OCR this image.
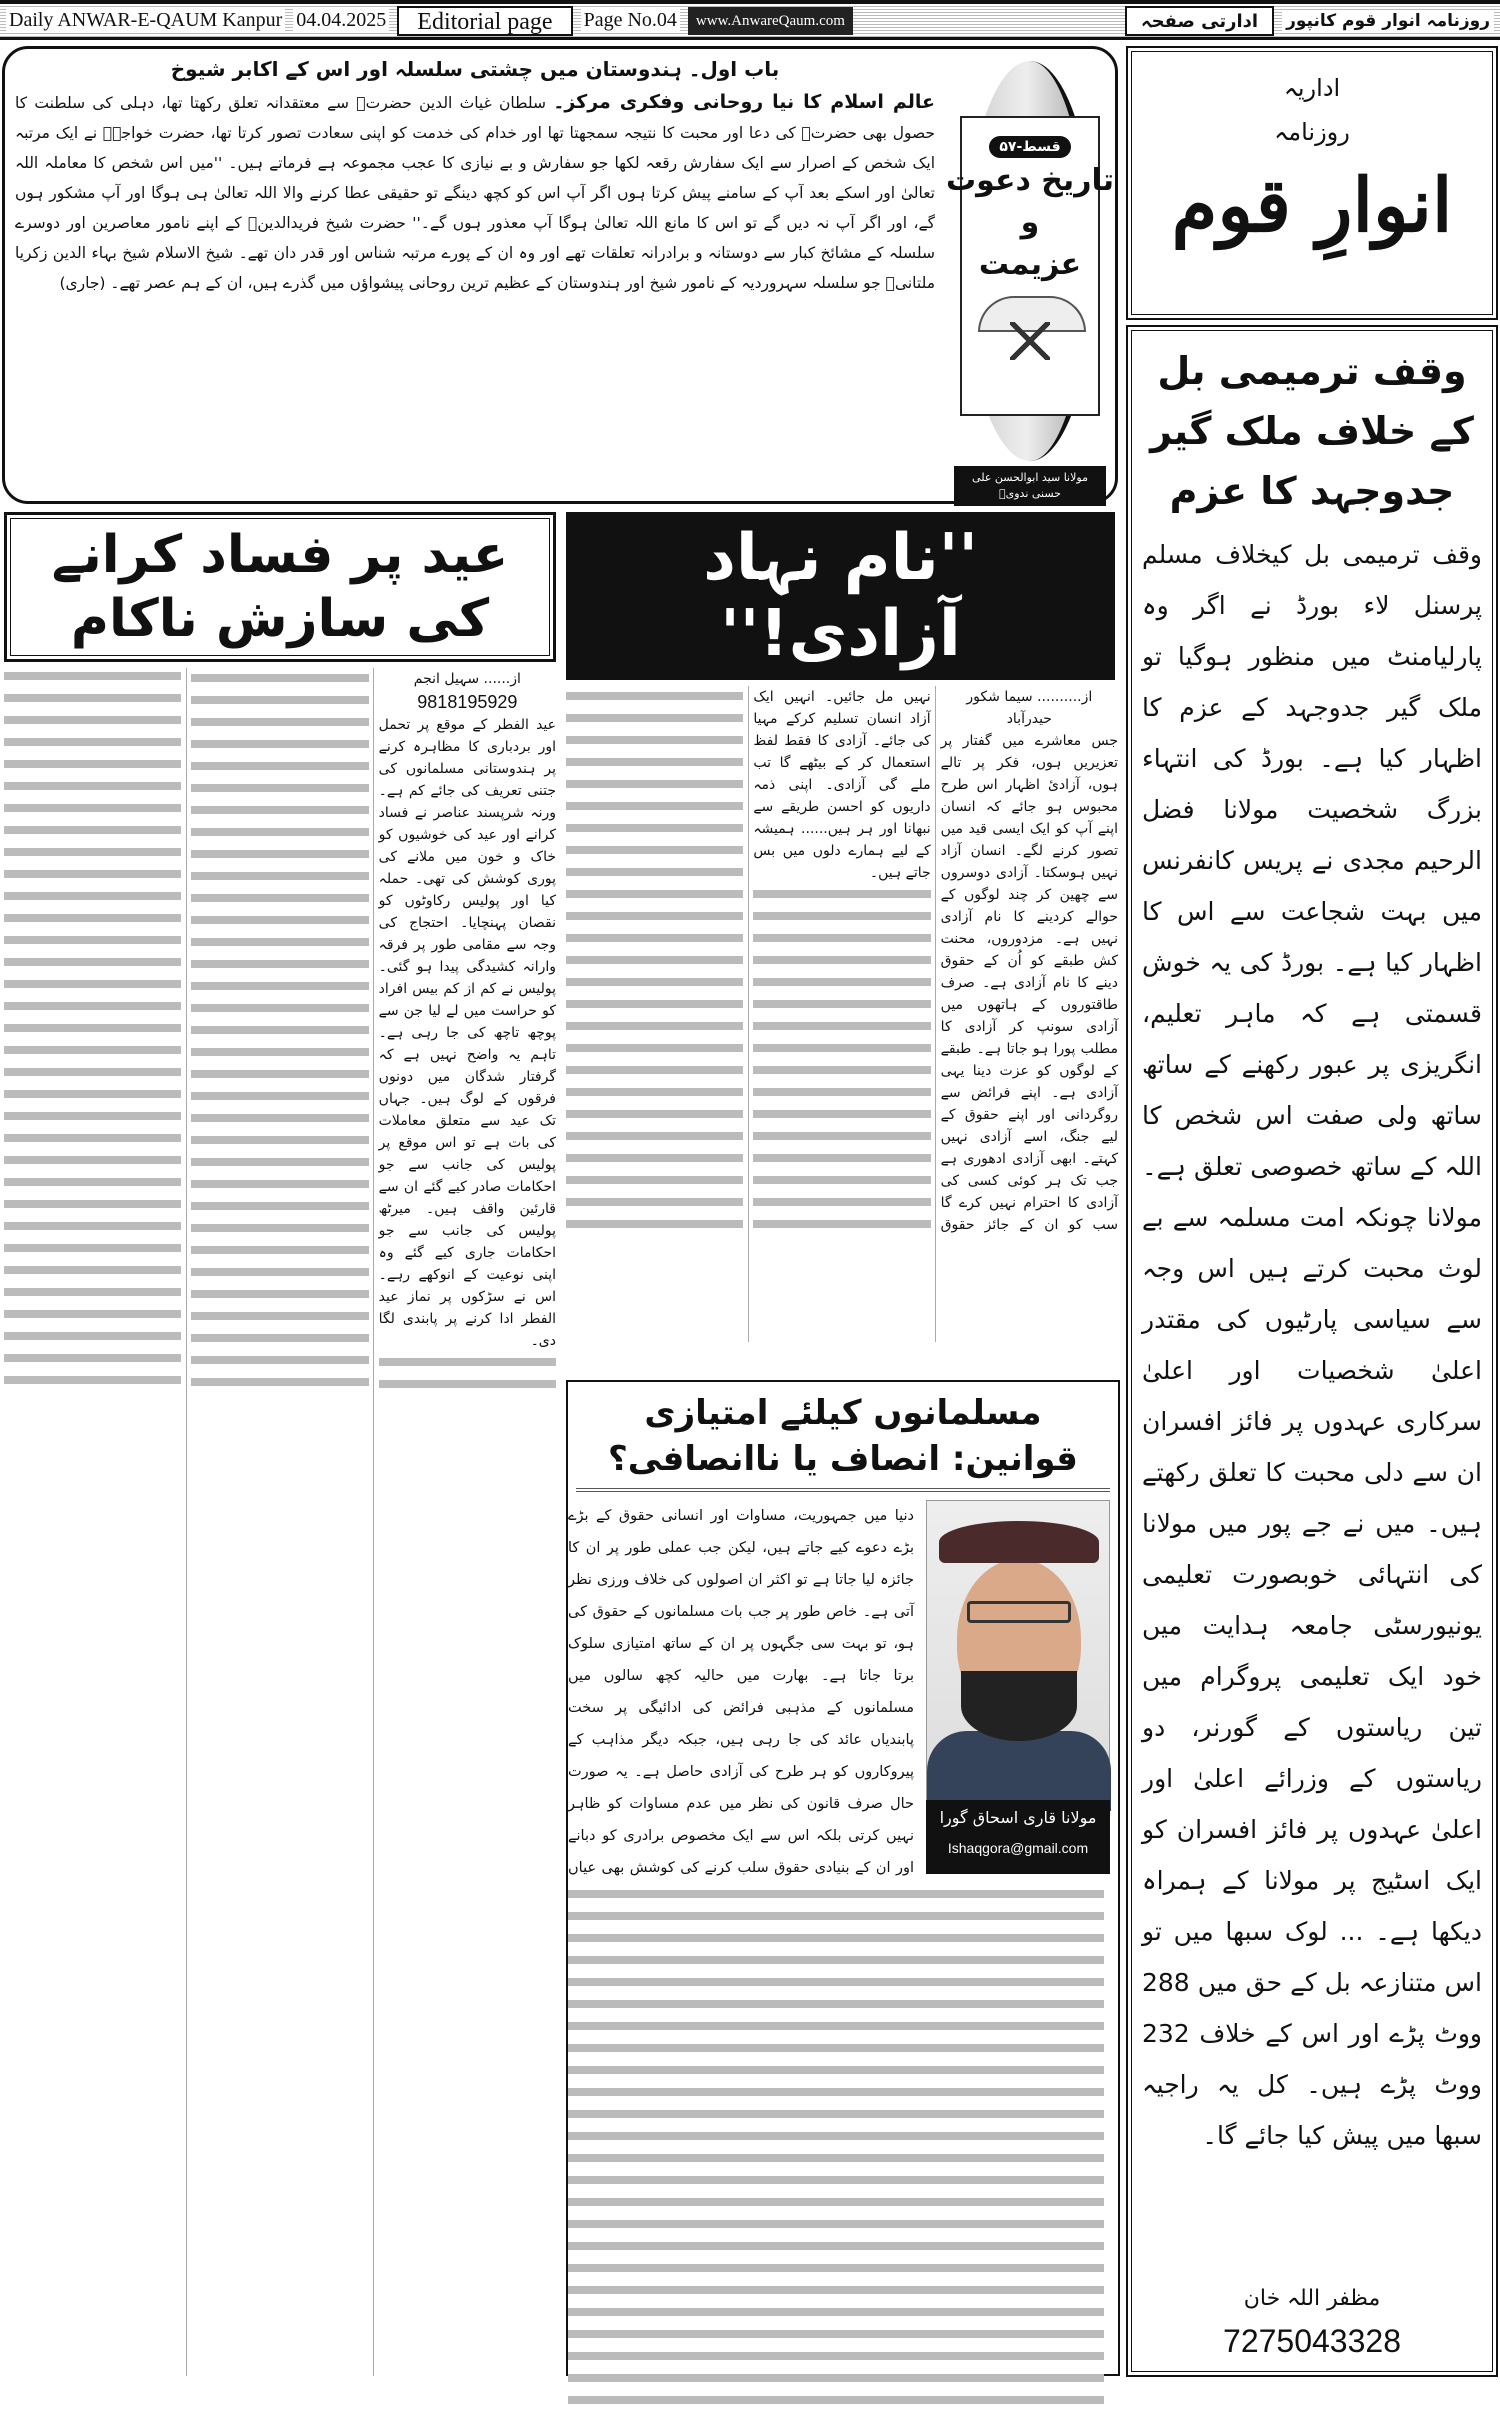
Daily ANWAR-E-QAUM Kanpur 04.04.2025	Editorial page	Page No.04	www.AnwareQaum.com	ادارتی صفحہ	روزنامہ انوار قوم کانپور
باب اول۔ ہندوستان میں چشتی سلسلہ اور اس کے اکابر شیوخ
عالم اسلام کا نیا روحانی وفکری مرکز۔ سلطان غیاث الدین حضرتؒ سے معتقدانہ تعلق رکھتا تھا، دہلی کی سلطنت کا حصول بھی حضرتؒ کی دعا اور محبت کا نتیجہ سمجھتا تھا اور خدام کی خدمت کو اپنی سعادت تصور کرتا تھا، حضرت خواجہؒ نے ایک مرتبہ ایک شخص کے اصرار سے ایک سفارش رقعہ لکھا جو سفارش و بے نیازی کا عجب مجموعہ ہے فرماتے ہیں۔ ''میں اس شخص کا معاملہ اللہ تعالیٰ اور اسکے بعد آپ کے سامنے پیش کرتا ہوں اگر آپ اس کو کچھ دینگے تو حقیقی عطا کرنے والا اللہ تعالیٰ ہی ہوگا اور آپ مشکور ہوں گے، اور اگر آپ نہ دیں گے تو اس کا مانع اللہ تعالیٰ ہوگا آپ معذور ہوں گے۔'' حضرت شیخ فریدالدینؒ کے اپنے نامور معاصرین اور دوسرے سلسلہ کے مشائخ کبار سے دوستانہ و برادرانہ تعلقات تھے اور وہ ان کے پورے مرتبہ شناس اور قدر دان تھے۔ شیخ الاسلام شیخ بہاء الدین زکریا ملتانیؒ جو سلسلہ سہروردیہ کے نامور شیخ اور ہندوستان کے عظیم ترین روحانی پیشواؤں میں گذرے ہیں، ان کے ہم عصر تھے۔ (جاری)
قسط-۵۷
تاریخ دعوت
و
عزیمت
مولانا سید ابوالحسن علی حسنی ندویؒ
اداریہ
روزنامہ
انوارِ قوم
وقف ترمیمی بل کے خلاف ملک گیر جدوجہد کا عزم
وقف ترمیمی بل کیخلاف مسلم پرسنل لاء بورڈ نے اگر وہ پارلیامنٹ میں منظور ہوگیا تو ملک گیر جدوجہد کے عزم کا اظہار کیا ہے۔ بورڈ کی انتہاء بزرگ شخصیت مولانا فضل الرحیم مجدی نے پریس کانفرنس میں بہت شجاعت سے اس کا اظہار کیا ہے۔ بورڈ کی یہ خوش قسمتی ہے کہ ماہر تعلیم، انگریزی پر عبور رکھنے کے ساتھ ساتھ ولی صفت اس شخص کا اللہ کے ساتھ خصوصی تعلق ہے۔ مولانا چونکہ امت مسلمہ سے بے لوث محبت کرتے ہیں اس وجہ سے سیاسی پارٹیوں کی مقتدر اعلیٰ شخصیات اور اعلیٰ سرکاری عہدوں پر فائز افسران ان سے دلی محبت کا تعلق رکھتے ہیں۔ میں نے جے پور میں مولانا کی انتہائی خوبصورت تعلیمی یونیورسٹی جامعہ ہدایت میں خود ایک تعلیمی پروگرام میں تین ریاستوں کے گورنر، دو ریاستوں کے وزرائے اعلیٰ اور اعلیٰ عہدوں پر فائز افسران کو ایک اسٹیج پر مولانا کے ہمراہ دیکھا ہے۔ ... لوک سبھا میں تو اس متنازعہ بل کے حق میں 288 ووٹ پڑے اور اس کے خلاف 232 ووٹ پڑے ہیں۔ کل یہ راجیہ سبھا میں پیش کیا جائے گا۔
مظفر اللہ خان
7275043328
عید پر فساد کرانے کی سازش ناکام
از...... سہیل انجم
9818195929
عید الفطر کے موقع پر تحمل اور بردباری کا مظاہرہ کرنے پر ہندوستانی مسلمانوں کی جتنی تعریف کی جائے کم ہے۔ ورنہ شرپسند عناصر نے فساد کرانے اور عید کی خوشیوں کو خاک و خون میں ملانے کی پوری کوشش کی تھی۔ حملہ کیا اور پولیس رکاوٹوں کو نقصان پہنچایا۔ احتجاج کی وجہ سے مقامی طور پر فرقہ وارانہ کشیدگی پیدا ہو گئی۔ پولیس نے کم از کم بیس افراد کو حراست میں لے لیا جن سے پوچھ تاچھ کی جا رہی ہے۔ تاہم یہ واضح نہیں ہے کہ گرفتار شدگان میں دونوں فرقوں کے لوگ ہیں۔ جہاں تک عید سے متعلق معاملات کی بات ہے تو اس موقع پر پولیس کی جانب سے جو احکامات صادر کیے گئے ان سے قارئین واقف ہیں۔ میرٹھ پولیس کی جانب سے جو احکامات جاری کیے گئے وہ اپنی نوعیت کے انوکھے رہے۔ اس نے سڑکوں پر نماز عید الفطر ادا کرنے پر پابندی لگا دی۔
''نام نہاد آزادی!''
از.......... سیما شکور
حیدرآباد
جس معاشرے میں گفتار پر تعزیریں ہوں، فکر پر تالے ہوں، آزادیٔ اظہار اس طرح محبوس ہو جائے کہ انسان اپنے آپ کو ایک ایسی قید میں تصور کرنے لگے۔ انسان آزاد نہیں ہوسکتا۔ آزادی دوسروں سے چھین کر چند لوگوں کے حوالے کردینے کا نام آزادی نہیں ہے۔ مزدوروں، محنت کش طبقے کو اُن کے حقوق دینے کا نام آزادی ہے۔ صرف طاقتوروں کے ہاتھوں میں آزادی سونپ کر آزادی کا مطلب پورا ہو جاتا ہے۔ طبقے کے لوگوں کو عزت دینا یہی آزادی ہے۔ اپنے فرائض سے روگردانی اور اپنے حقوق کے لیے جنگ، اسے آزادی نہیں کہتے۔ ابھی آزادی ادھوری ہے جب تک ہر کوئی کسی کی آزادی کا احترام نہیں کرے گا سب کو ان کے جائز حقوق نہیں مل جائیں۔ انہیں ایک آزاد انسان تسلیم کرکے مہیا کی جائے۔ آزادی کا فقط لفظ استعمال کر کے بیٹھے گا تب ملے گی آزادی۔ اپنی ذمہ داریوں کو احسن طریقے سے نبھانا اور ہر ہیں...... ہمیشہ کے لیے ہمارے دلوں میں بس جاتے ہیں۔
مسلمانوں کیلئے امتیازی قوانین: انصاف یا ناانصافی؟
مولانا قاری اسحاق گورا
Ishaqgora@gmail.com
دنیا میں جمہوریت، مساوات اور انسانی حقوق کے بڑے بڑے دعوے کیے جاتے ہیں، لیکن جب عملی طور پر ان کا جائزہ لیا جاتا ہے تو اکثر ان اصولوں کی خلاف ورزی نظر آتی ہے۔ خاص طور پر جب بات مسلمانوں کے حقوق کی ہو، تو بہت سی جگہوں پر ان کے ساتھ امتیازی سلوک برتا جاتا ہے۔ بھارت میں حالیہ کچھ سالوں میں مسلمانوں کے مذہبی فرائض کی ادائیگی پر سخت پابندیاں عائد کی جا رہی ہیں، جبکہ دیگر مذاہب کے پیروکاروں کو ہر طرح کی آزادی حاصل ہے۔ یہ صورت حال صرف قانون کی نظر میں عدم مساوات کو ظاہر نہیں کرتی بلکہ اس سے ایک مخصوص برادری کو دبانے اور ان کے بنیادی حقوق سلب کرنے کی کوشش بھی عیاں
